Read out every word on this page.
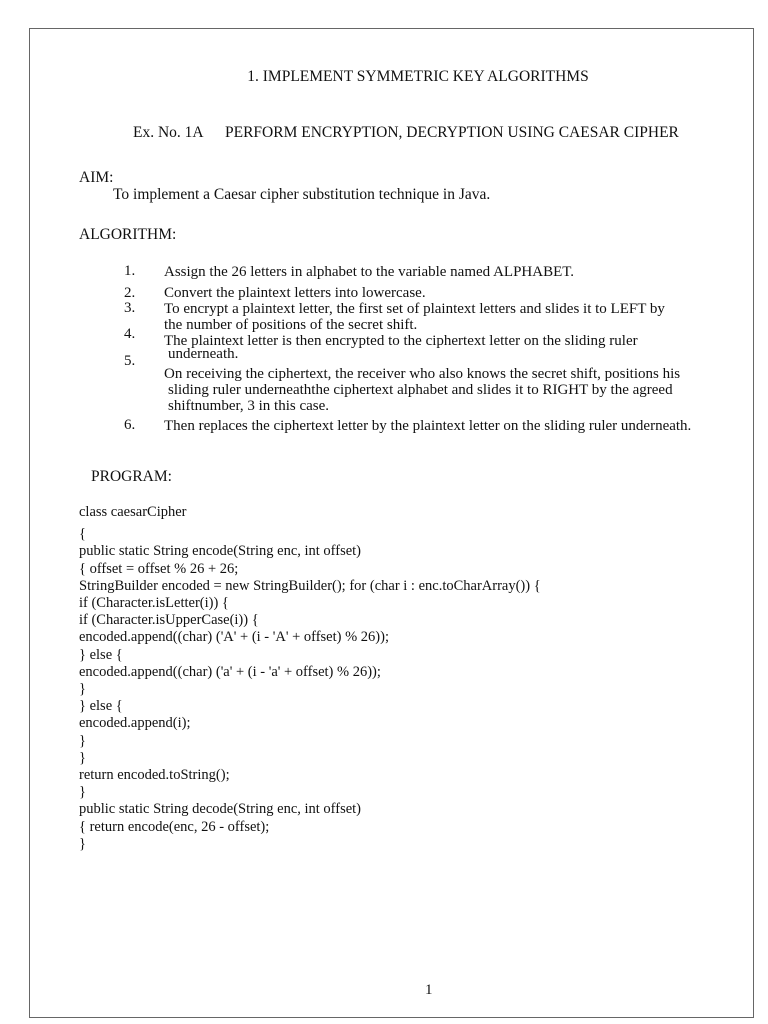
1. IMPLEMENT SYMMETRIC KEY ALGORITHMS
Ex. No. 1A PERFORM ENCRYPTION, DECRYPTION USING CAESAR CIPHER
AIM:
To implement a Caesar cipher substitution technique in Java.
ALGORITHM:
1.
2.
3.
4.
5.
6.
Assign the 26 letters in alphabet to the variable named ALPHABET.
Convert the plaintext letters into lowercase.
To encrypt a plaintext letter, the first set of plaintext letters and slides it to LEFT by
the number of positions of the secret shift.
The plaintext letter is then encrypted to the ciphertext letter on the sliding ruler
underneath.
On receiving the ciphertext, the receiver who also knows the secret shift, positions his
sliding ruler underneaththe ciphertext alphabet and slides it to RIGHT by the agreed
shiftnumber, 3 in this case.
Then replaces the ciphertext letter by the plaintext letter on the sliding ruler underneath.
PROGRAM:
class caesarCipher
{
public static String encode(String enc, int offset)
{ offset = offset % 26 + 26;
StringBuilder encoded = new StringBuilder(); for (char i : enc.toCharArray()) {
if (Character.isLetter(i)) {
if (Character.isUpperCase(i)) {
encoded.append((char) ('A' + (i - 'A' + offset) % 26));
} else {
encoded.append((char) ('a' + (i - 'a' + offset) % 26));
}
} else {
encoded.append(i);
}
}
return encoded.toString();
}
public static String decode(String enc, int offset)
{ return encode(enc, 26 - offset);
}
1
